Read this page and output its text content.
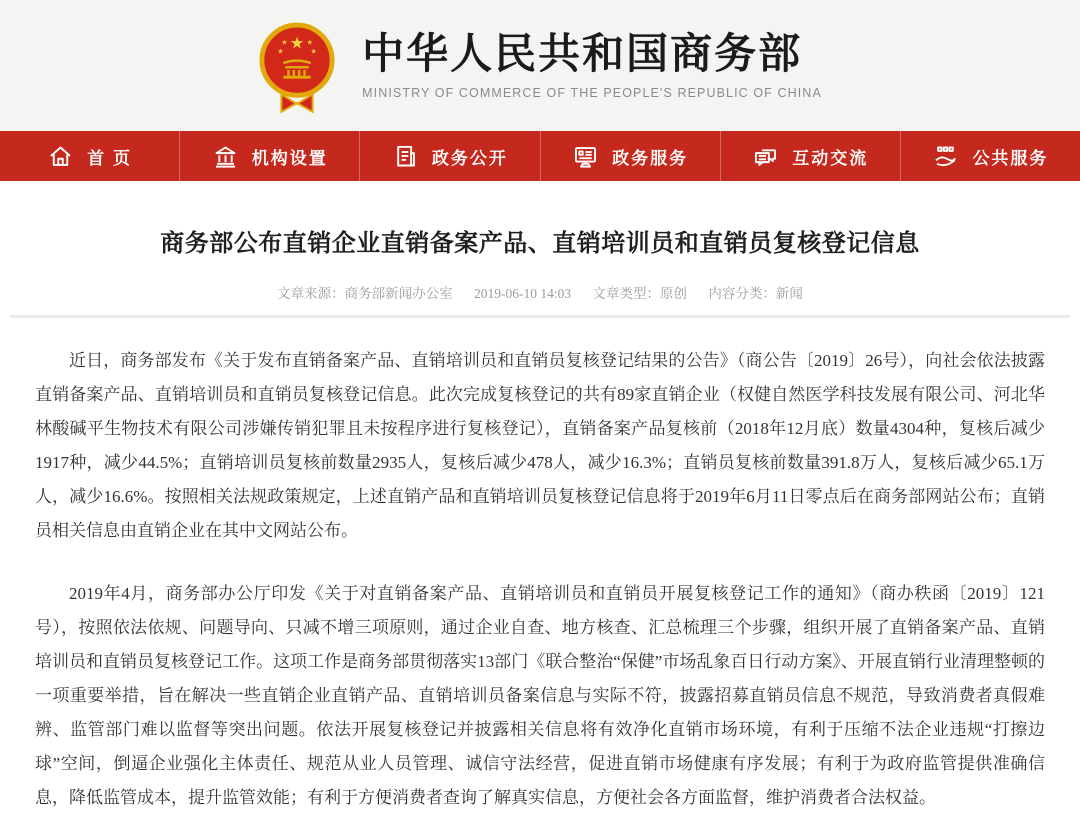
★
★	★
★	★ 中华人民共和国商务部
MINISTRY OF COMMERCE OF THE PEOPLE'S REPUBLIC OF CHINA
首 页	机构设置	政务公开	政务服务	互动交流	公共服务
商务部公布直销企业直销备案产品、直销培训员和直销员复核登记信息
文章来源：商务部新闻办公室 2019-06-10 14:03 文章类型：原创 内容分类：新闻

近日，商务部发布《关于发布直销备案产品、直销培训员和直销员复核登记结果的公告》（商公告〔2019〕26号），向社会依法披露直销备案产品、直销培训员和直销员复核登记信息。此次完成复核登记的共有89家直销企业（权健自然医学科技发展有限公司、河北华林酸碱平生物技术有限公司涉嫌传销犯罪且未按程序进行复核登记），直销备案产品复核前（2018年12月底）数量4304种，复核后减少1917种，减少44.5%；直销培训员复核前数量2935人，复核后减少478人，减少16.3%；直销员复核前数量391.8万人，复核后减少65.1万人，减少16.6%。按照相关法规政策规定，上述直销产品和直销培训员复核登记信息将于2019年6月11日零点后在商务部网站公布；直销员相关信息由直销企业在其中文网站公布。

2019年4月，商务部办公厅印发《关于对直销备案产品、直销培训员和直销员开展复核登记工作的通知》（商办秩函〔2019〕121号），按照依法依规、问题导向、只减不增三项原则，通过企业自查、地方核查、汇总梳理三个步骤，组织开展了直销备案产品、直销培训员和直销员复核登记工作。这项工作是商务部贯彻落实13部门《联合整治“保健”市场乱象百日行动方案》、开展直销行业清理整顿的一项重要举措，旨在解决一些直销企业直销产品、直销培训员备案信息与实际不符，披露招募直销员信息不规范，导致消费者真假难辨、监管部门难以监督等突出问题。依法开展复核登记并披露相关信息将有效净化直销市场环境，有利于压缩不法企业违规“打擦边球”空间，倒逼企业强化主体责任、规范从业人员管理、诚信守法经营，促进直销市场健康有序发展；有利于为政府监管提供准确信息，降低监管成本，提升监管效能；有利于方便消费者查询了解真实信息，方便社会各方面监督，维护消费者合法权益。
